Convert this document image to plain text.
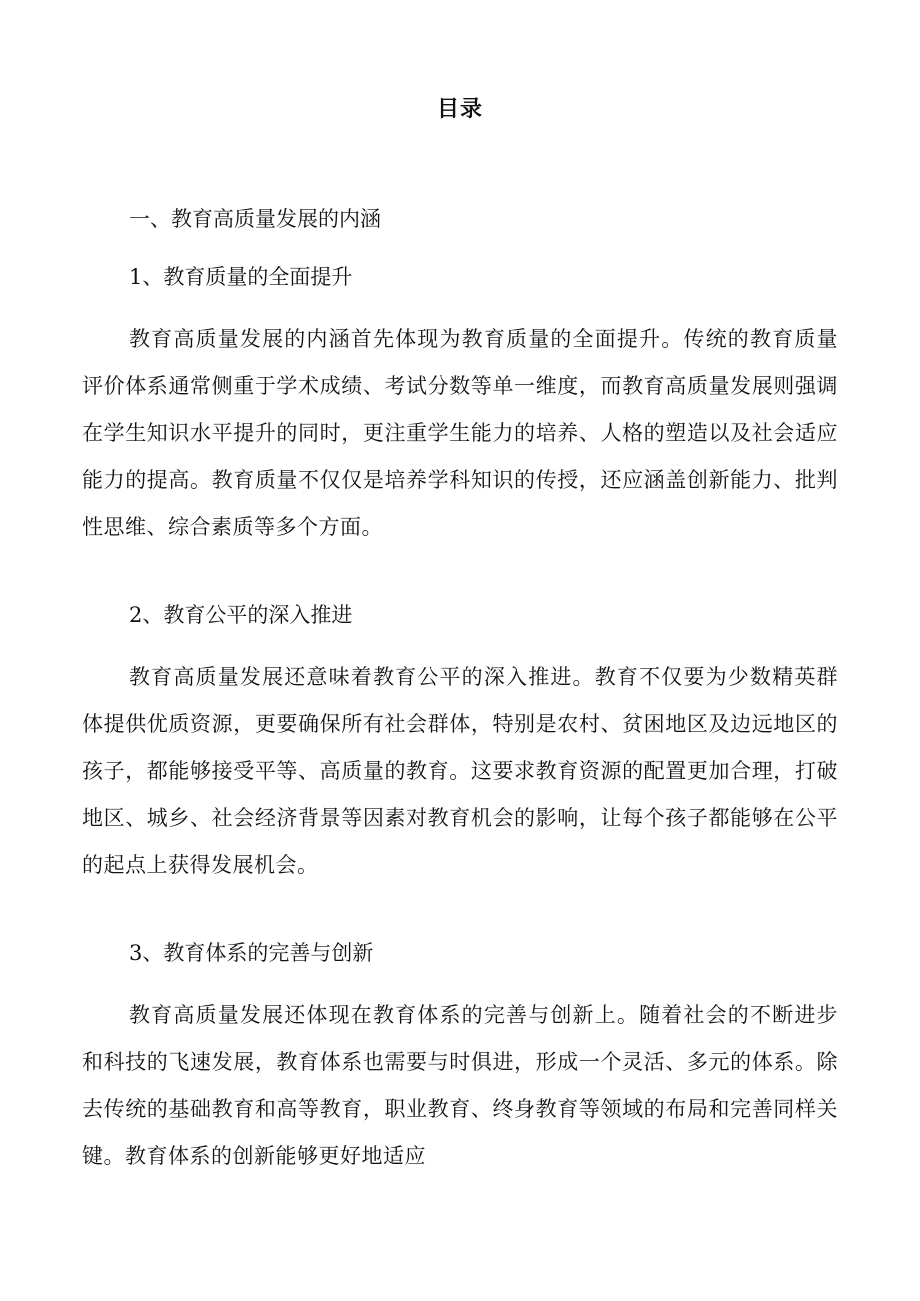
目录
一、教育高质量发展的内涵
1、教育质量的全面提升
教育高质量发展的内涵首先体现为教育质量的全面提升。传统的教育质量评价体系通常侧重于学术成绩、考试分数等单一维度，而教育高质量发展则强调在学生知识水平提升的同时，更注重学生能力的培养、人格的塑造以及社会适应能力的提高。教育质量不仅仅是培养学科知识的传授，还应涵盖创新能力、批判性思维、综合素质等多个方面。
2、教育公平的深入推进
教育高质量发展还意味着教育公平的深入推进。教育不仅要为少数精英群体提供优质资源，更要确保所有社会群体，特别是农村、贫困地区及边远地区的孩子，都能够接受平等、高质量的教育。这要求教育资源的配置更加合理，打破地区、城乡、社会经济背景等因素对教育机会的影响，让每个孩子都能够在公平的起点上获得发展机会。
3、教育体系的完善与创新
教育高质量发展还体现在教育体系的完善与创新上。随着社会的不断进步和科技的飞速发展，教育体系也需要与时俱进，形成一个灵活、多元的体系。除去传统的基础教育和高等教育，职业教育、终身教育等领域的布局和完善同样关键。教育体系的创新能够更好地适应
